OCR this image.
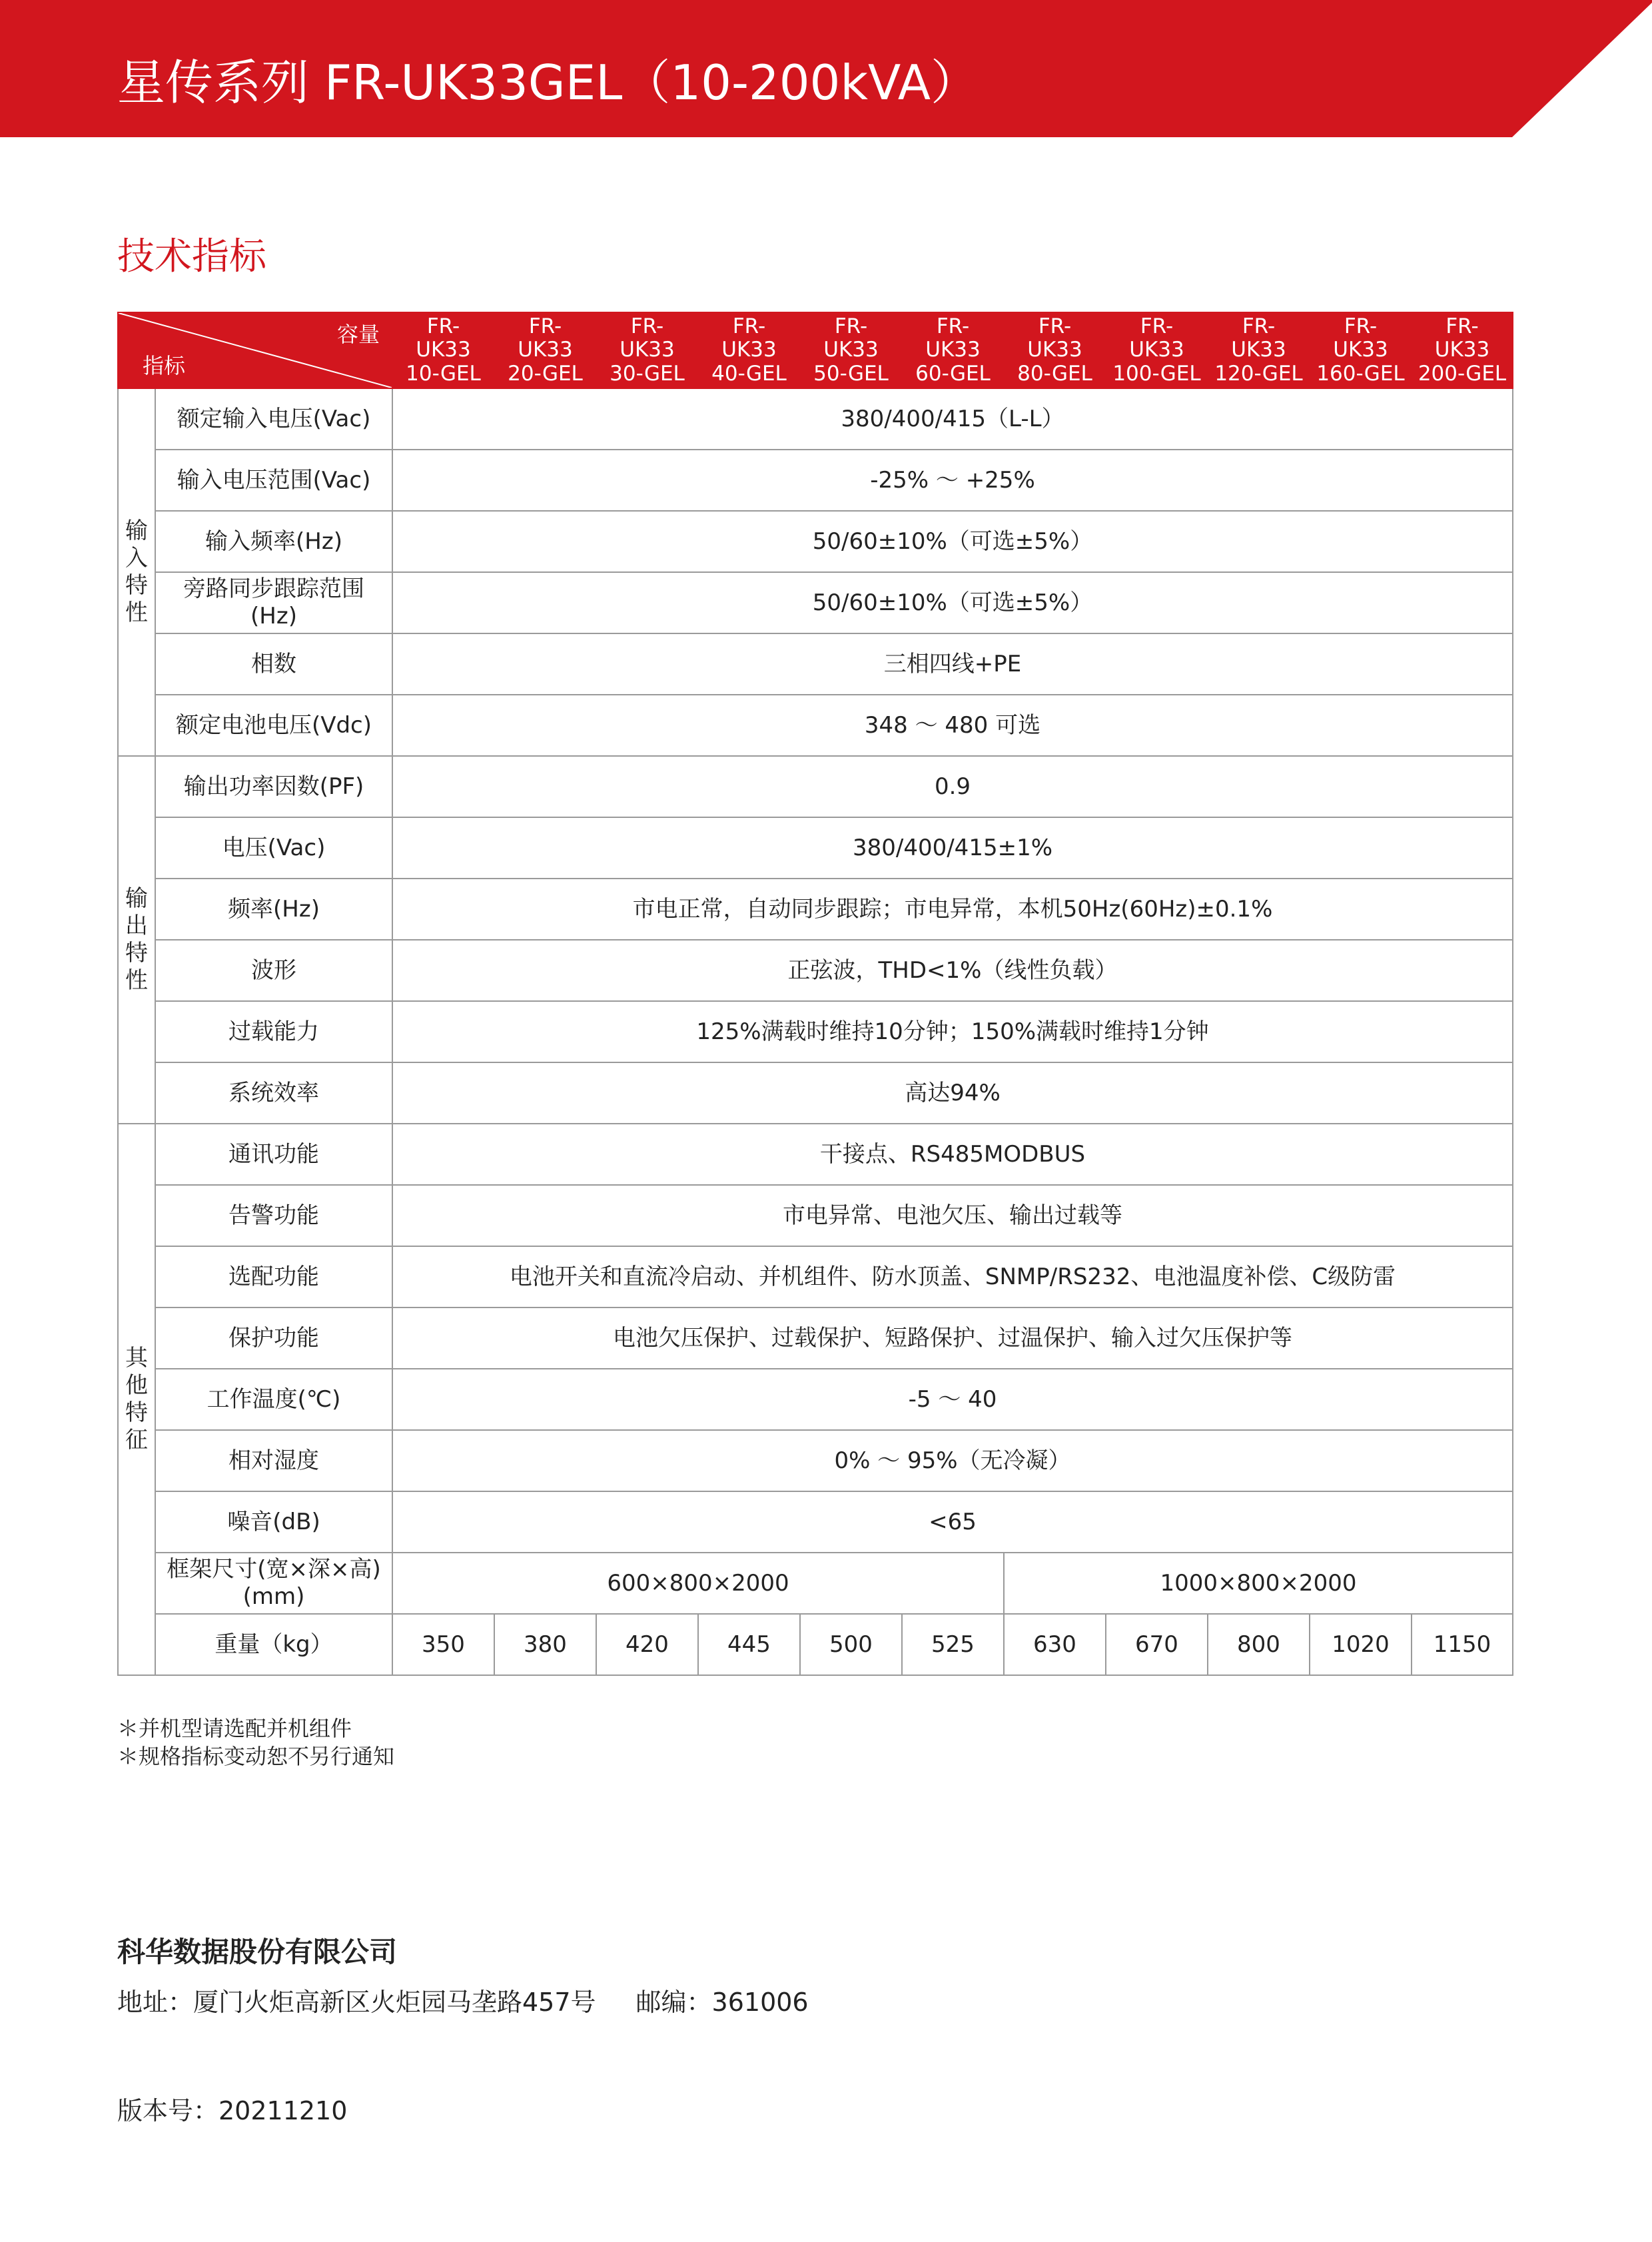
星传系列 FR-UK33GEL（10-200kVA）
技术指标
容量
指标		FR-
UK33
10-GEL	FR-
UK33
20-GEL	FR-
UK33
30-GEL	FR-
UK33
40-GEL	FR-
UK33
50-GEL	FR-
UK33
60-GEL	FR-
UK33
80-GEL	FR-
UK33
100-GEL	FR-
UK33
120-GEL	FR-
UK33
160-GEL	FR-
UK33
200-GEL

输
入
特
性	额定输入电压(Vac)	380/400/415（L-L）										

	输入电压范围(Vac)	-25% ～ +25%										

	输入频率(Hz)	50/60±10%（可选±5%）										

	旁路同步跟踪范围
(Hz)	50/60±10%（可选±5%）										

	相数	三相四线+PE										

	额定电池电压(Vdc)	348 ～ 480 可选										

输
出
特
性	输出功率因数(PF)	0.9										

	电压(Vac)	380/400/415±1%										

	频率(Hz)	市电正常，自动同步跟踪；市电异常，本机50Hz(60Hz)±0.1%										

	波形	正弦波，THD<1%（线性负载）										

	过载能力	125%满载时维持10分钟；150%满载时维持1分钟										

	系统效率	高达94%										

其
他
特
征	通讯功能	干接点、RS485MODBUS										

	告警功能	市电异常、电池欠压、输出过载等										

	选配功能	电池开关和直流冷启动、并机组件、防水顶盖、SNMP/RS232、电池温度补偿、C级防雷										

	保护功能	电池欠压保护、过载保护、短路保护、过温保护、输入过欠压保护等										

	工作温度(℃)	-5 ～ 40										

	相对湿度	0% ～ 95%（无冷凝）										

	噪音(dB)	<65										

	框架尺寸(宽×深×高)
(mm)	600×800×2000						1000×800×2000				
	重量（kg）	350	380	420	445	500	525	630	670	800	1020	1150
＊并机型请选配并机组件
＊规格指标变动恕不另行通知
科华数据股份有限公司
地址：厦门火炬高新区火炬园马垄路457号 邮编：361006
版本号：20211210
